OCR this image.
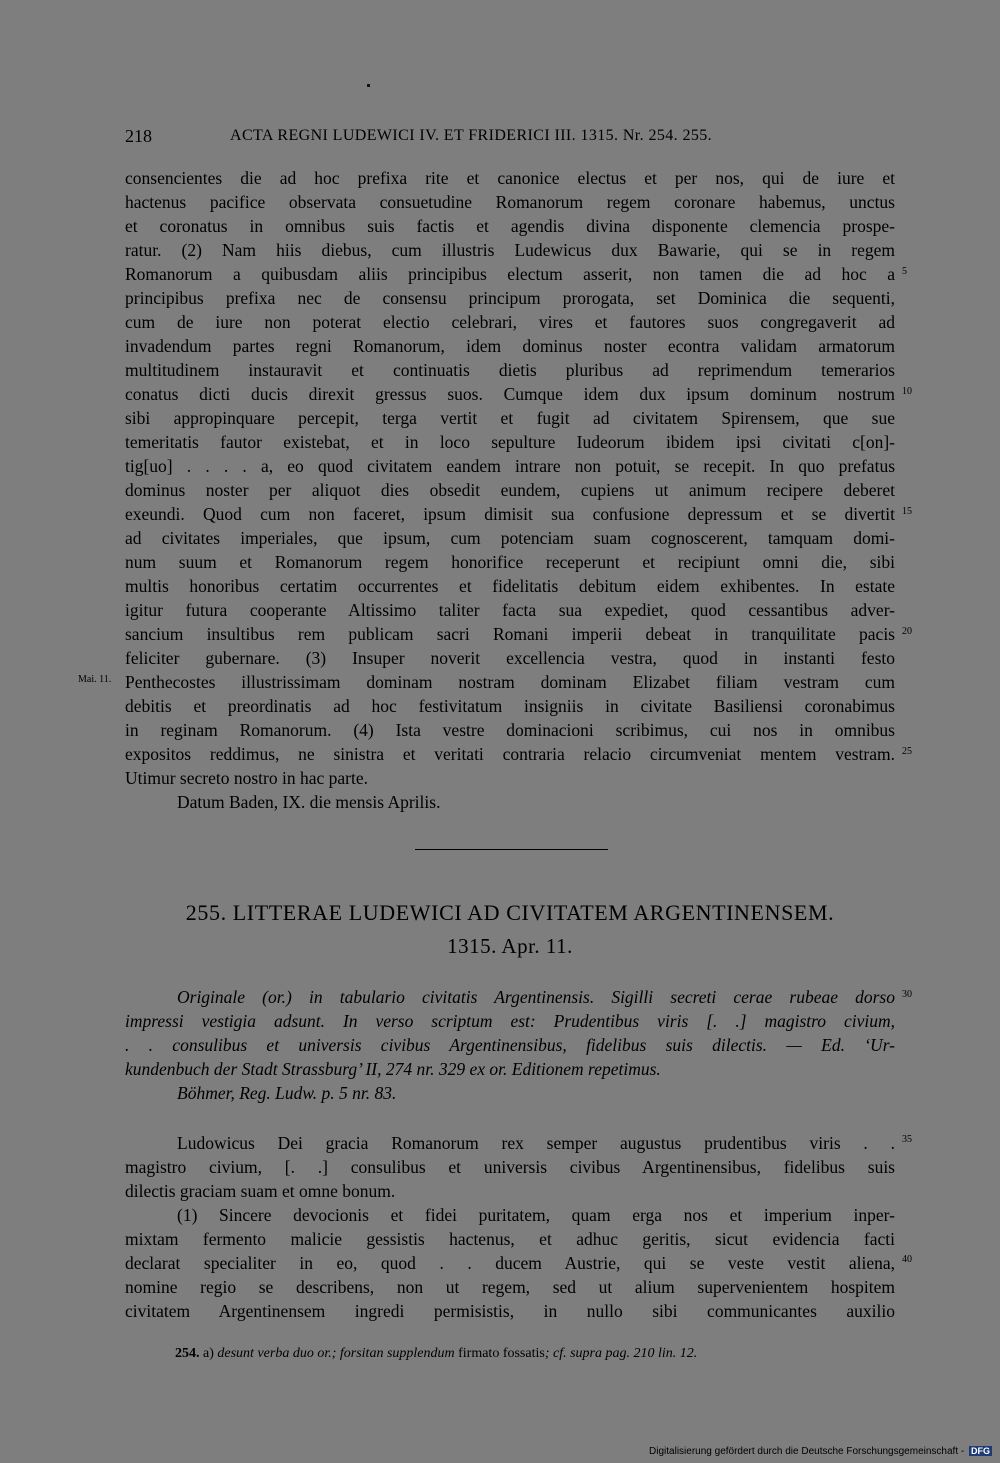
218	ACTA REGNI LUDEWICI IV. ET FRIDERICI III. 1315. Nr. 254. 255.
consencientes die ad hoc prefixa rite et canonice electus et per nos, qui de iure et
hactenus pacifice observata consuetudine Romanorum regem coronare habemus, unctus
et coronatus in omnibus suis factis et agendis divina disponente clemencia prospe-
ratur. (2) Nam hiis diebus, cum illustris Ludewicus dux Bawarie, qui se in regem
Romanorum a quibusdam aliis principibus electum asserit, non tamen die ad hoc a
principibus prefixa nec de consensu principum prorogata, set Dominica die sequenti,
cum de iure non poterat electio celebrari, vires et fautores suos congregaverit ad
invadendum partes regni Romanorum, idem dominus noster econtra validam armatorum
multitudinem instauravit et continuatis dietis pluribus ad reprimendum temerarios
conatus dicti ducis direxit gressus suos. Cumque idem dux ipsum dominum nostrum
sibi appropinquare percepit, terga vertit et fugit ad civitatem Spirensem, que sue
temeritatis fautor existebat, et in loco sepulture Iudeorum ibidem ipsi civitati c[on]-
tig[uo] . . . . a, eo quod civitatem eandem intrare non potuit, se recepit. In quo prefatus
dominus noster per aliquot dies obsedit eundem, cupiens ut animum recipere deberet
exeundi. Quod cum non faceret, ipsum dimisit sua confusione depressum et se divertit
ad civitates imperiales, que ipsum, cum potenciam suam cognoscerent, tamquam domi-
num suum et Romanorum regem honorifice receperunt et recipiunt omni die, sibi
multis honoribus certatim occurrentes et fidelitatis debitum eidem exhibentes. In estate
igitur futura cooperante Altissimo taliter facta sua expediet, quod cessantibus adver-
sancium insultibus rem publicam sacri Romani imperii debeat in tranquilitate pacis
feliciter gubernare. (3) Insuper noverit excellencia vestra, quod in instanti festo
Penthecostes illustrissimam dominam nostram dominam Elizabet filiam vestram cum
debitis et preordinatis ad hoc festivitatum insigniis in civitate Basiliensi coronabimus
in reginam Romanorum. (4) Ista vestre dominacioni scribimus, cui nos in omnibus
expositos reddimus, ne sinistra et veritati contraria relacio circumveniat mentem vestram.
Utimur secreto nostro in hac parte.
Datum Baden, IX. die mensis Aprilis.
5
10
15
20
25
Mai. 11.
255. LITTERAE LUDEWICI AD CIVITATEM ARGENTINENSEM.
1315. Apr. 11.
Originale (or.) in tabulario civitatis Argentinensis. Sigilli secreti cerae rubeae dorso
impressi vestigia adsunt. In verso scriptum est: Prudentibus viris [. .] magistro civium,
. . consulibus et universis civibus Argentinensibus, fidelibus suis dilectis. — Ed. ‘Ur-
kundenbuch der Stadt Strassburg’ II, 274 nr. 329 ex or. Editionem repetimus.
Böhmer, Reg. Ludw. p. 5 nr. 83.
Ludowicus Dei gracia Romanorum rex semper augustus prudentibus viris . .
magistro civium, [. .] consulibus et universis civibus Argentinensibus, fidelibus suis
dilectis graciam suam et omne bonum.
(1) Sincere devocionis et fidei puritatem, quam erga nos et imperium inper-
mixtam fermento malicie gessistis hactenus, et adhuc geritis, sicut evidencia facti
declarat specialiter in eo, quod . . ducem Austrie, qui se veste vestit aliena,
nomine regio se describens, non ut regem, sed ut alium supervenientem hospitem
civitatem Argentinensem ingredi permisistis, in nullo sibi communicantes auxilio
35
30
40
254. a) desunt verba duo or.; forsitan supplendum firmato fossatis; cf. supra pag. 210 lin. 12.
Digitalisierung gefördert durch die Deutsche Forschungsgemeinschaft - DFG
